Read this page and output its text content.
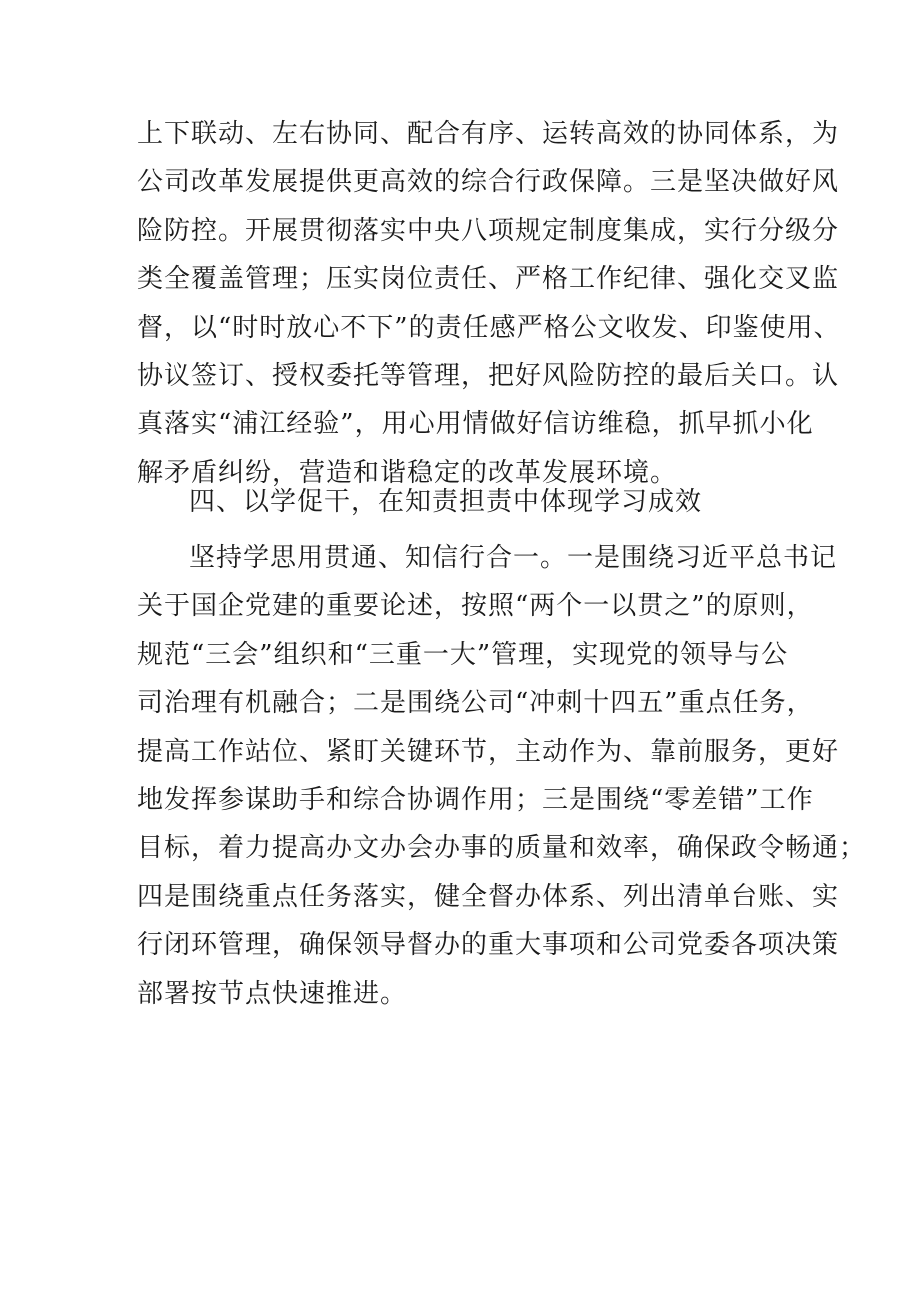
上下联动、左右协同、配合有序、运转高效的协同体系，为
公司改革发展提供更高效的综合行政保障。三是坚决做好风
险防控。开展贯彻落实中央八项规定制度集成，实行分级分
类全覆盖管理；压实岗位责任、严格工作纪律、强化交叉监
督，以“时时放心不下”的责任感严格公文收发、印鉴使用、
协议签订、授权委托等管理，把好风险防控的最后关口。认
真落实“浦江经验”，用心用情做好信访维稳，抓早抓小化
解矛盾纠纷，营造和谐稳定的改革发展环境。
四、以学促干，在知责担责中体现学习成效
坚持学思用贯通、知信行合一。一是围绕习近平总书记
关于国企党建的重要论述，按照“两个一以贯之”的原则，
规范“三会”组织和“三重一大”管理，实现党的领导与公
司治理有机融合；二是围绕公司“冲刺十四五”重点任务，
提高工作站位、紧盯关键环节，主动作为、靠前服务，更好
地发挥参谋助手和综合协调作用；三是围绕“零差错”工作
目标，着力提高办文办会办事的质量和效率，确保政令畅通；
四是围绕重点任务落实，健全督办体系、列出清单台账、实
行闭环管理，确保领导督办的重大事项和公司党委各项决策
部署按节点快速推进。
